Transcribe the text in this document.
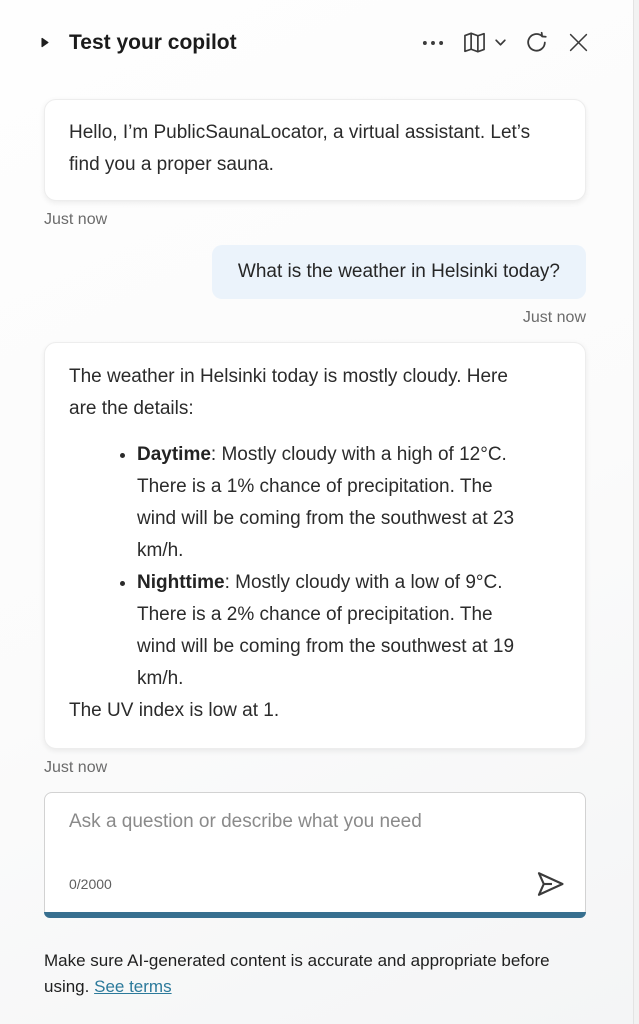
Test your copilot

Hello, I’m PublicSaunaLocator, a virtual assistant. Let’s find you a proper sauna.

Just now
What is the weather in Helsinki today?
Just now

The weather in Helsinki today is mostly cloudy. Here are the details:

• Daytime: Mostly cloudy with a high of 12°C. There is a 1% chance of precipitation. The wind will be coming from the southwest at 23 km/h.
• Nighttime: Mostly cloudy with a low of 9°C. There is a 2% chance of precipitation. The wind will be coming from the southwest at 19 km/h.

The UV index is low at 1.

Just now
Ask a question or describe what you need
0/2000
Make sure AI-generated content is accurate and appropriate before using. See terms
